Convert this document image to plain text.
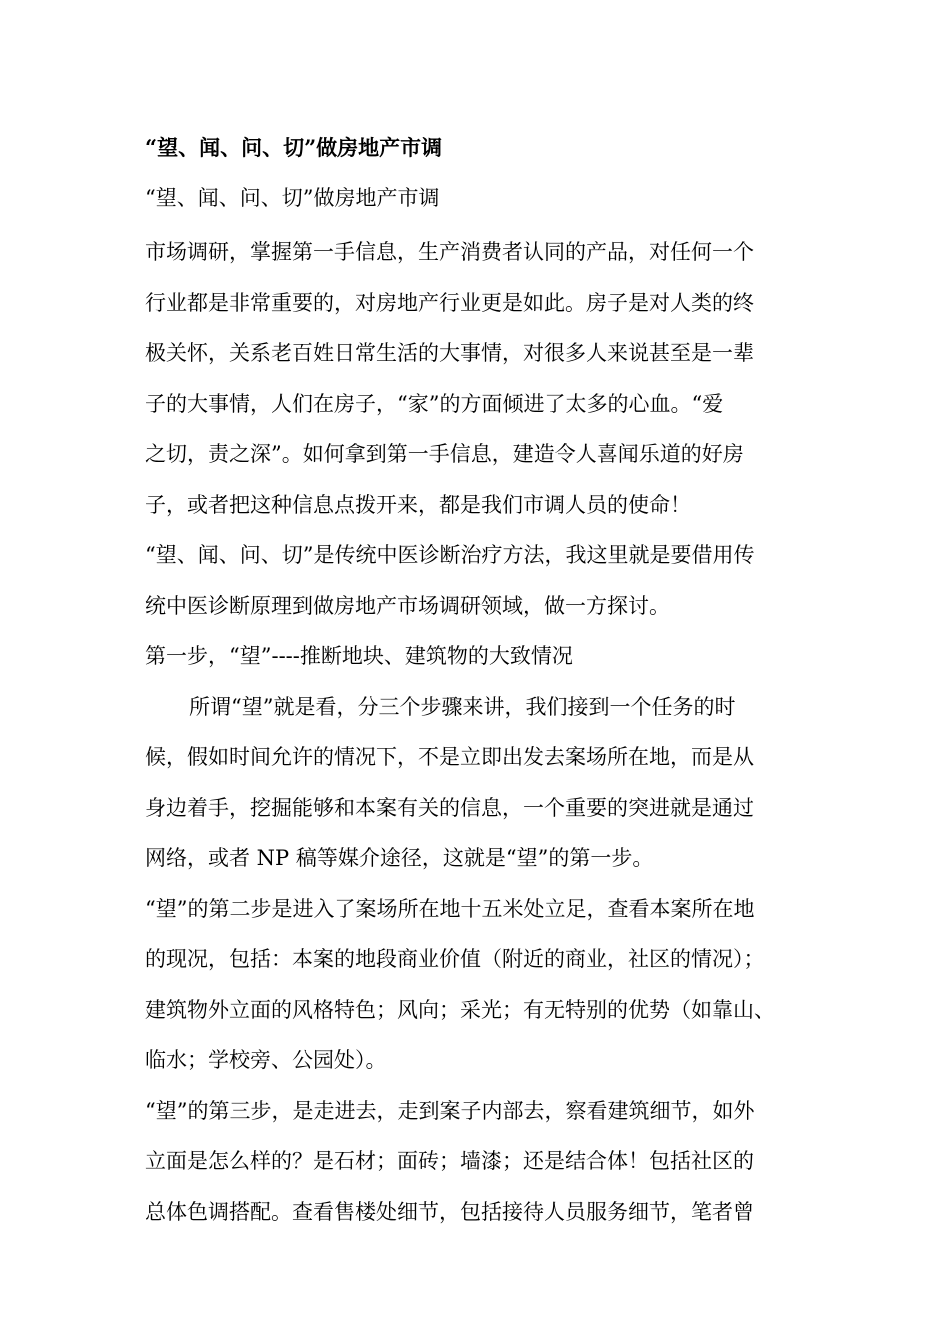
“望、闻、问、切”做房地产市调
“望、闻、问、切”做房地产市调
市场调研，掌握第一手信息，生产消费者认同的产品，对任何一个
行业都是非常重要的，对房地产行业更是如此。房子是对人类的终
极关怀，关系老百姓日常生活的大事情，对很多人来说甚至是一辈
子的大事情，人们在房子，“家”的方面倾进了太多的心血。“爱
之切，责之深”。如何拿到第一手信息，建造令人喜闻乐道的好房
子，或者把这种信息点拨开来，都是我们市调人员的使命！
“望、闻、问、切”是传统中医诊断治疗方法，我这里就是要借用传
统中医诊断原理到做房地产市场调研领域，做一方探讨。
第一步，“望”----推断地块、建筑物的大致情况
所谓“望”就是看，分三个步骤来讲，我们接到一个任务的时
候，假如时间允许的情况下，不是立即出发去案场所在地，而是从
身边着手，挖掘能够和本案有关的信息，一个重要的突进就是通过
网络，或者 NP 稿等媒介途径，这就是“望”的第一步。
“望”的第二步是进入了案场所在地十五米处立足，查看本案所在地
的现况，包括：本案的地段商业价值（附近的商业，社区的情况）；
建筑物外立面的风格特色；风向；采光；有无特别的优势（如靠山、
临水；学校旁、公园处）。
“望”的第三步，是走进去，走到案子内部去，察看建筑细节，如外
立面是怎么样的？是石材；面砖；墙漆；还是结合体！包括社区的
总体色调搭配。查看售楼处细节，包括接待人员服务细节，笔者曾
